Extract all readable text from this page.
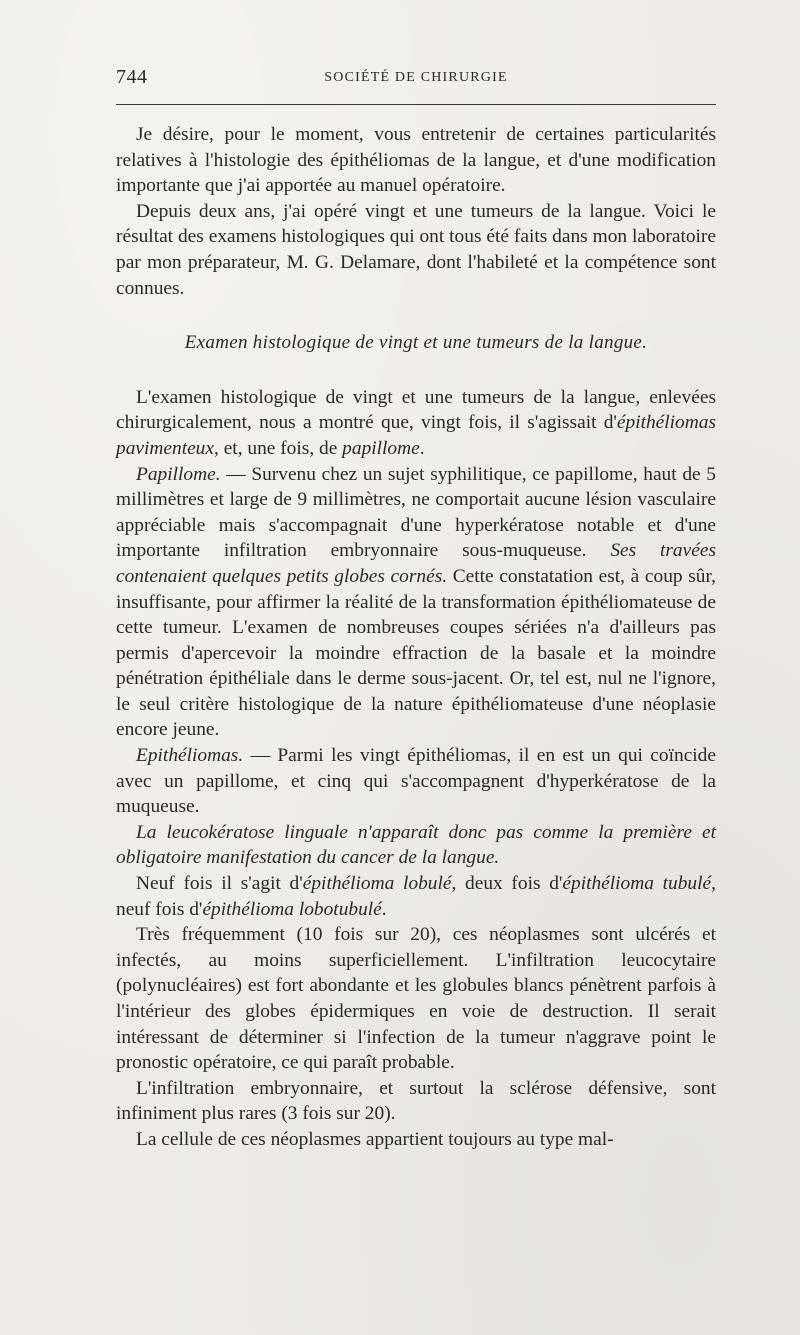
744	SOCIÉTÉ DE CHIRURGIE

Je désire, pour le moment, vous entretenir de certaines particularités relatives à l'histologie des épithéliomas de la langue, et d'une modification importante que j'ai apportée au manuel opératoire.

Depuis deux ans, j'ai opéré vingt et une tumeurs de la langue. Voici le résultat des examens histologiques qui ont tous été faits dans mon laboratoire par mon préparateur, M. G. Delamare, dont l'habileté et la compétence sont connues.

Examen histologique de vingt et une tumeurs de la langue.

L'examen histologique de vingt et une tumeurs de la langue, enlevées chirurgicalement, nous a montré que, vingt fois, il s'agissait d'épithéliomas pavimenteux, et, une fois, de papillome.

Papillome. — Survenu chez un sujet syphilitique, ce papillome, haut de 5 millimètres et large de 9 millimètres, ne comportait aucune lésion vasculaire appréciable mais s'accompagnait d'une hyperkératose notable et d'une importante infiltration embryonnaire sous-muqueuse. Ses travées contenaient quelques petits globes cornés. Cette constatation est, à coup sûr, insuffisante, pour affirmer la réalité de la transformation épithéliomateuse de cette tumeur. L'examen de nombreuses coupes sériées n'a d'ailleurs pas permis d'apercevoir la moindre effraction de la basale et la moindre pénétration épithéliale dans le derme sous-jacent. Or, tel est, nul ne l'ignore, le seul critère histologique de la nature épithéliomateuse d'une néoplasie encore jeune.

Epithéliomas. — Parmi les vingt épithéliomas, il en est un qui coïncide avec un papillome, et cinq qui s'accompagnent d'hyperkératose de la muqueuse.

La leucokératose linguale n'apparaît donc pas comme la première et obligatoire manifestation du cancer de la langue.

Neuf fois il s'agit d'épithélioma lobulé, deux fois d'épithélioma tubulé, neuf fois d'épithélioma lobotubulé.

Très fréquemment (10 fois sur 20), ces néoplasmes sont ulcérés et infectés, au moins superficiellement. L'infiltration leucocytaire (polynucléaires) est fort abondante et les globules blancs pénètrent parfois à l'intérieur des globes épidermiques en voie de destruction. Il serait intéressant de déterminer si l'infection de la tumeur n'aggrave point le pronostic opératoire, ce qui paraît probable.

L'infiltration embryonnaire, et surtout la sclérose défensive, sont infiniment plus rares (3 fois sur 20).

La cellule de ces néoplasmes appartient toujours au type mal-
